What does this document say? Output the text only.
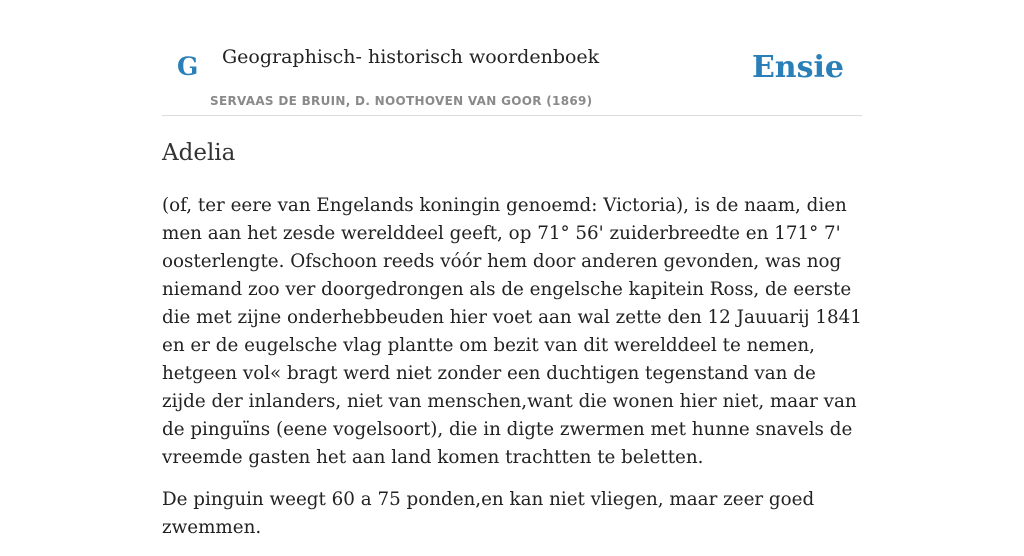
G Geographisch- historisch woordenboek
SERVAAS DE BRUIN, D. NOOTHOVEN VAN GOOR (1869)
Ensie
Adelia

(of, ter eere van Engelands koningin genoemd: Victoria), is de naam, dien men aan het zesde werelddeel geeft, op 71° 56' zuiderbreedte en 171° 7' oosterlengte. Ofschoon reeds vóór hem door anderen gevonden, was nog niemand zoo ver doorgedrongen als de engelsche kapitein Ross, de eerste die met zijne onderhebbeuden hier voet aan wal zette den 12 Jauuarij 1841 en er de eugelsche vlag plantte om bezit van dit werelddeel te nemen, hetgeen vol« bragt werd niet zonder een duchtigen tegenstand van de zijde der inlanders, niet van menschen,want die wonen hier niet, maar van de pinguïns (eene vogelsoort), die in digte zwermen met hunne snavels de vreemde gasten het aan land komen trachtten te beletten.

De pinguin weegt 60 a 75 ponden,en kan niet vliegen, maar zeer goed zwemmen.
